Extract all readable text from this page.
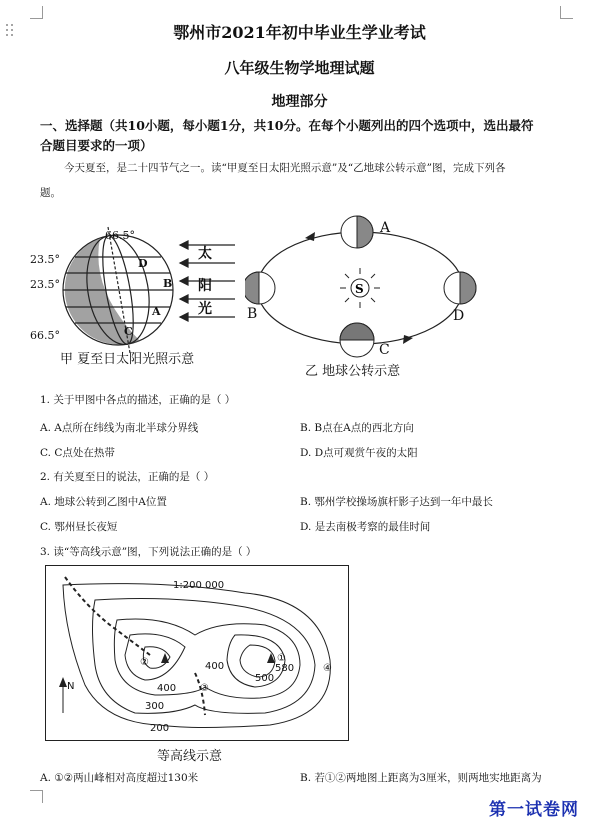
鄂州市2021年初中毕业生学业考试
八年级生物学地理试题
地理部分
一、选择题（共10小题，每小题1分，共10分。在每个小题列出的四个选项中，选出最符
合题目要求的一项）
今天夏至，是二十四节气之一。读“甲夏至日太阳光照示意”及“乙地球公转示意”图，完成下列各
题。
66.5°
23.5°
23.5°
66.5°
D
B
A
C
太
阳
光
甲 夏至日太阳光照示意
S
A
B
C
D
乙 地球公转示意
1. 关于甲图中各点的描述，正确的是（ ）
A. A点所在纬线为南北半球分界线	B. B点在A点的西北方向
C. C点处在热带	D. D点可观赏午夜的太阳
2. 有关夏至日的说法，正确的是（ ）
A. 地球公转到乙图中A位置	B. 鄂州学校操场旗杆影子达到一年中最长
C. 鄂州昼长夜短	D. 是去南极考察的最佳时间
3. 读“等高线示意”图，下列说法正确的是（ ）
N
1:200 000
②	①
③
④
580
400
400
500
300
200
等高线示意
A. ①②两山峰相对高度超过130米	B. 若①②两地图上距离为3厘米，则两地实地距离为
第一试卷网
